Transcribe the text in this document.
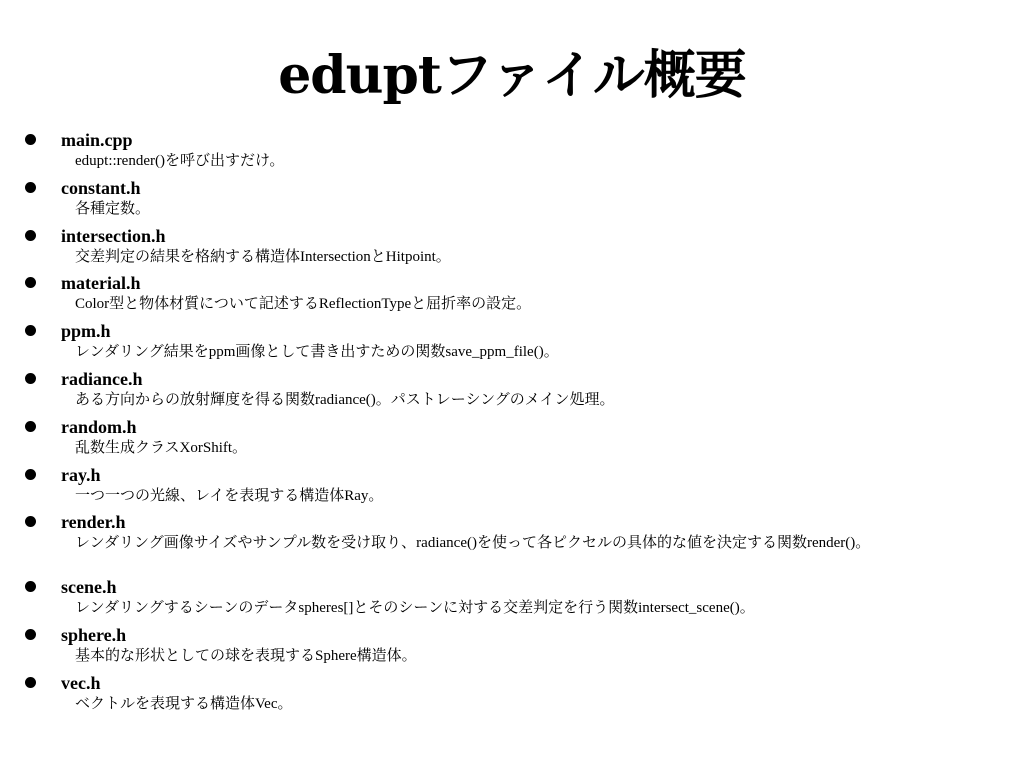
eduptファイル概要
main.cpp
edupt::render()を呼び出すだけ。
constant.h
各種定数。
intersection.h
交差判定の結果を格納する構造体IntersectionとHitpoint。
material.h
Color型と物体材質について記述するReflectionTypeと屈折率の設定。
ppm.h
レンダリング結果をppm画像として書き出すための関数save_ppm_file()。
radiance.h
ある方向からの放射輝度を得る関数radiance()。パストレーシングのメイン処理。
random.h
乱数生成クラスXorShift。
ray.h
一つ一つの光線、レイを表現する構造体Ray。
render.h
レンダリング画像サイズやサンプル数を受け取り、radiance()を使って各ピクセルの具体的な値を決定する関数render()。
scene.h
レンダリングするシーンのデータspheres[]とそのシーンに対する交差判定を行う関数intersect_scene()。
sphere.h
基本的な形状としての球を表現するSphere構造体。
vec.h
ベクトルを表現する構造体Vec。
